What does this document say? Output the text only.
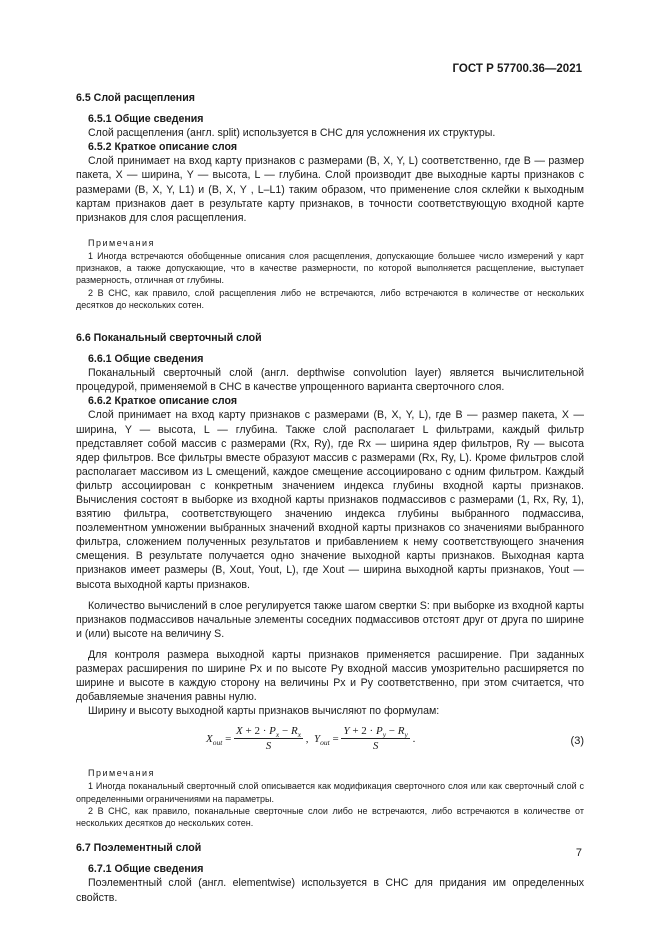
ГОСТ Р 57700.36—2021

6.5 Слой расщепления

6.5.1 Общие сведения

Слой расщепления (англ. split) используется в СНС для усложнения их структуры.

6.5.2 Краткое описание слоя

Слой принимает на вход карту признаков с размерами (B, X, Y, L) соответственно, где B — размер пакета, X — ширина, Y — высота, L — глубина. Слой производит две выходные карты признаков с размерами (B, X, Y, L1) и (B, X, Y , L–L1) таким образом, что применение слоя склейки к выходным картам признаков дает в результате карту признаков, в точности соответствующую входной карте признаков для слоя расщепления.

Примечания

1 Иногда встречаются обобщенные описания слоя расщепления, допускающие большее число измерений у карт признаков, а также допускающие, что в качестве размерности, по которой выполняется расщепление, выступает размерность, отличная от глубины.

2 В СНС, как правило, слой расщепления либо не встречаются, либо встречаются в количестве от нескольких десятков до нескольких сотен.

6.6 Поканальный сверточный слой

6.6.1 Общие сведения

Поканальный сверточный слой (англ. depthwise convolution layer) является вычислительной процедурой, применяемой в СНС в качестве упрощенного варианта сверточного слоя.

6.6.2 Краткое описание слоя

Слой принимает на вход карту признаков с размерами (B, X, Y, L), где B — размер пакета, X — ширина, Y — высота, L — глубина. Также слой располагает L фильтрами, каждый фильтр представляет собой массив с размерами (Rx, Ry), где Rx — ширина ядер фильтров, Ry — высота ядер фильтров. Все фильтры вместе образуют массив с размерами (Rx, Ry, L). Кроме фильтров слой располагает массивом из L смещений, каждое смещение ассоциировано с одним фильтром. Каждый фильтр ассоциирован с конкретным значением индекса глубины входной карты признаков. Вычисления состоят в выборке из входной карты признаков подмассивов с размерами (1, Rx, Ry, 1), взятию фильтра, соответствующего значению индекса глубины выбранного подмассива, поэлементном умножении выбранных значений входной карты признаков со значениями выбранного фильтра, сложением полученных результатов и прибавлением к нему соответствующего значения смещения. В результате получается одно значение выходной карты признаков. Выходная карта признаков имеет размеры (B, Xout, Yout, L), где Xout — ширина выходной карты признаков, Yout — высота выходной карты признаков.

Количество вычислений в слое регулируется также шагом свертки S: при выборке из входной карты признаков подмассивов начальные элементы соседних подмассивов отстоят друг от друга по ширине и (или) высоте на величину S.

Для контроля размера выходной карты признаков применяется расширение. При заданных размерах расширения по ширине Px и по высоте Py входной массив умозрительно расширяется по ширине и высоте в каждую сторону на величины Px и Py соответственно, при этом считается, что добавляемые значения равны нулю.

Ширину и высоту выходной карты признаков вычисляют по формулам:

$X_{out} = \frac{X + 2 \cdot P_x - R_x}{S}$ ,  $Y_{out} = \frac{Y + 2 \cdot P_y - R_y}{S}$ .	(3)

Примечания

1 Иногда поканальный сверточный слой описывается как модификация сверточного слоя или как сверточный слой с определенными ограничениями на параметры.

2 В СНС, как правило, поканальные сверточные слои либо не встречаются, либо встречаются в количестве от нескольких десятков до нескольких сотен.

6.7 Поэлементный слой

6.7.1 Общие сведения

Поэлементный слой (англ. elementwise) используется в СНС для придания им определенных свойств.

7
